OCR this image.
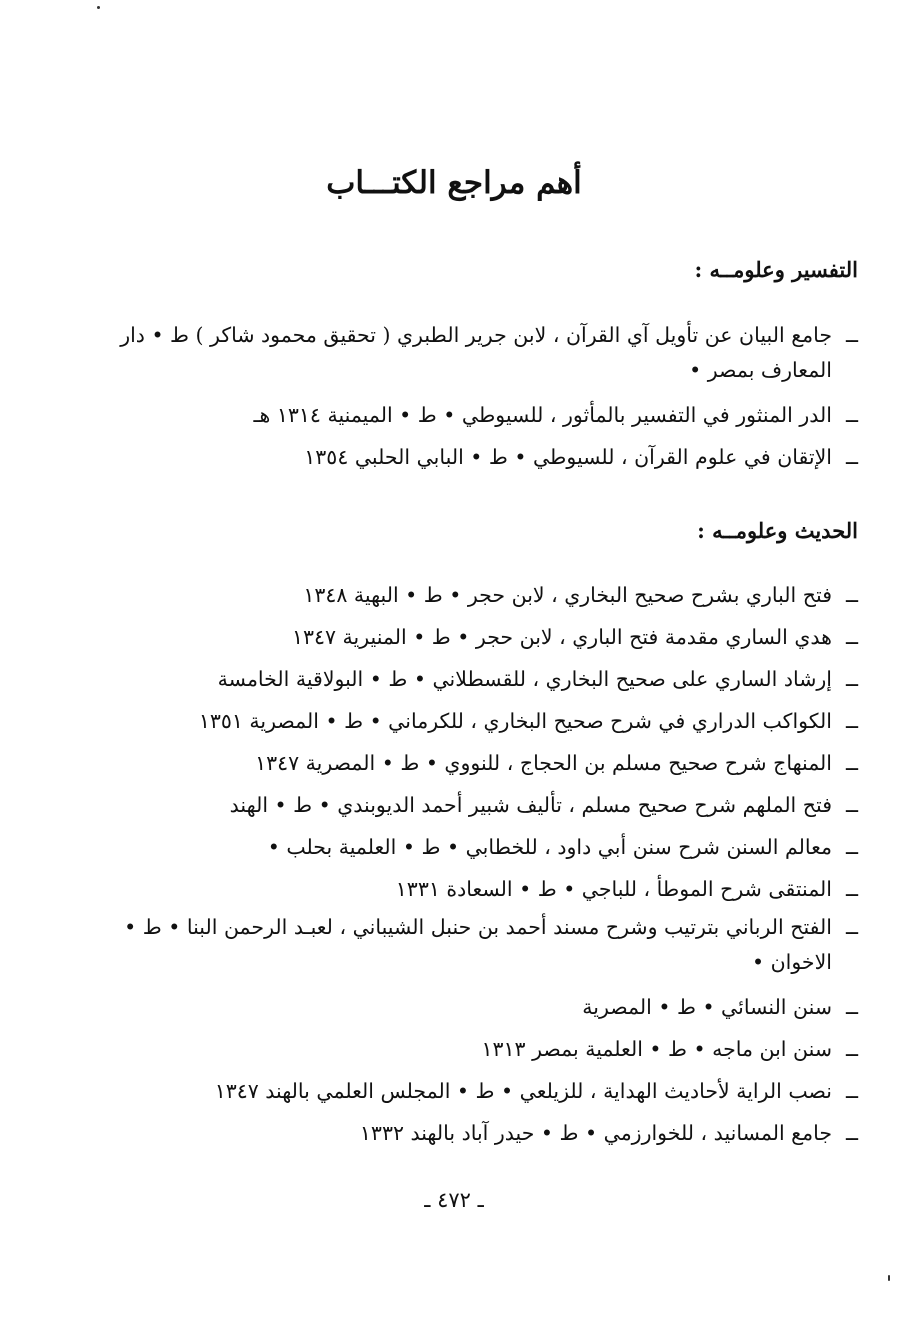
أهم مراجع الكتـــاب
التفسير وعلومــه :
ــ
جامع البيان عن تأويل آي القرآن ، لابن جرير الطبري ( تحقيق محمود شاكر ) ط • دار المعارف بمصر •
ــ
الدر المنثور في التفسير بالمأثور ، للسيوطي • ط • الميمنية ١٣١٤ هـ
ــ
الإتقان في علوم القرآن ، للسيوطي • ط • البابي الحلبي ١٣٥٤
الحديث وعلومــه :
ــ
فتح الباري بشرح صحيح البخاري ، لابن حجر • ط • البهية ١٣٤٨
ــ
هدي الساري مقدمة فتح الباري ، لابن حجر • ط • المنيرية ١٣٤٧
ــ
إرشاد الساري على صحيح البخاري ، للقسطلاني • ط • البولاقية الخامسة
ــ
الكواكب الدراري في شرح صحيح البخاري ، للكرماني • ط • المصرية ١٣٥١
ــ
المنهاج شرح صحيح مسلم بن الحجاج ، للنووي • ط • المصرية ١٣٤٧
ــ
فتح الملهم شرح صحيح مسلم ، تأليف شبير أحمد الديوبندي • ط • الهند
ــ
معالم السنن شرح سنن أبي داود ، للخطابي • ط • العلمية بحلب •
ــ
المنتقى شرح الموطأ ، للباجي • ط • السعادة ١٣٣١
ــ
الفتح الرباني بترتيب وشرح مسند أحمد بن حنبل الشيباني ، لعبـد الرحمن البنا • ط • الاخوان •
ــ
سنن النسائي • ط • المصرية
ــ
سنن ابن ماجه • ط • العلمية بمصر ١٣١٣
ــ
نصب الراية لأحاديث الهداية ، للزيلعي • ط • المجلس العلمي بالهند ١٣٤٧
ــ
جامع المسانيد ، للخوارزمي • ط • حيدر آباد بالهند ١٣٣٢

ـ ٤٧٢ ـ
